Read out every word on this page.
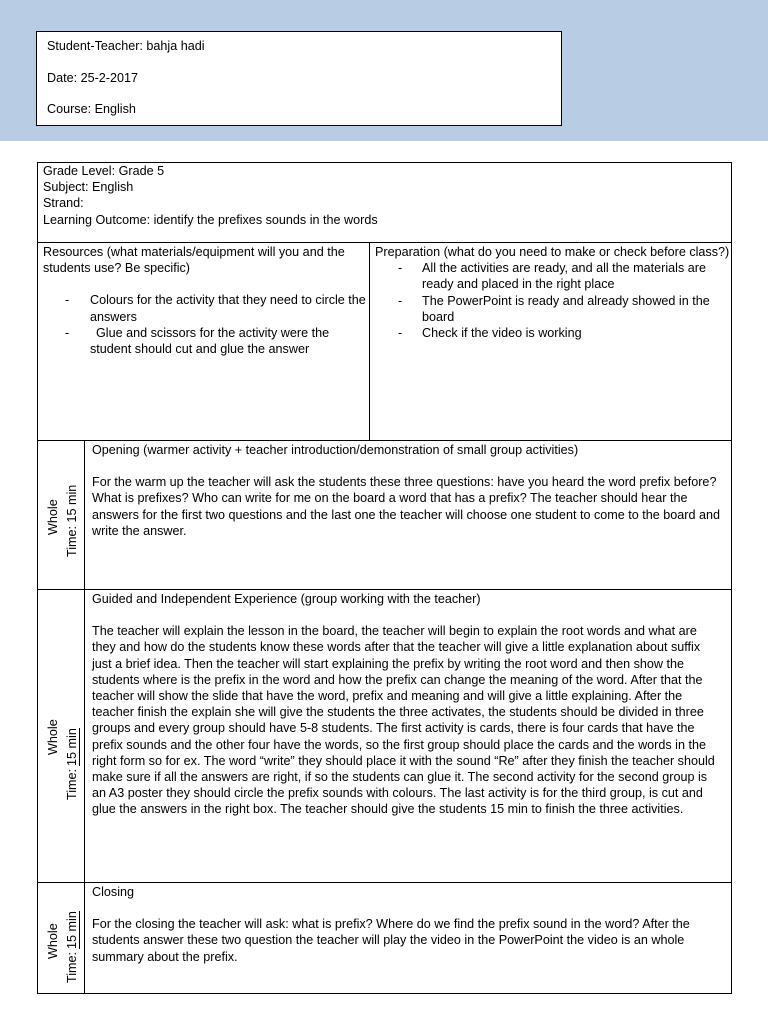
Student-Teacher: bahja hadi

Date: 25-2-2017

Course: English

Grade Level: Grade 5

Subject: English

Strand:

Learning Outcome: identify the prefixes sounds in the words

Resources (what materials/equipment will you and the students use? Be specific)

- Colours for the activity that they need to circle the answers
- Glue and scissors for the activity were the student should cut and glue the answer

Preparation (what do you need to make or check before class?)

- All the activities are ready, and all the materials are ready and placed in the right place
- The PowerPoint is ready and already showed in the board
- Check if the video is working
Whole Time: 15 min

Opening (warmer activity + teacher introduction/demonstration of small group activities)

For the warm up the teacher will ask the students these three questions: have you heard the word prefix before? What is prefixes? Who can write for me on the board a word that has a prefix? The teacher should hear the answers for the first two questions and the last one the teacher will choose one student to come to the board and write the answer.

Whole
Time:15 min

Guided and Independent Experience (group working with the teacher)

The teacher will explain the lesson in the board, the teacher will begin to explain the root words and what are they and how do the students know these words after that the teacher will give a little explanation about suffix just a brief idea. Then the teacher will start explaining the prefix by writing the root word and then show the students where is the prefix in the word and how the prefix can change the meaning of the word. After that the teacher will show the slide that have the word, prefix and meaning and will give a little explaining. After the teacher finish the explain she will give the students the three activates, the students should be divided in three groups and every group should have 5-8 students. The first activity is cards, there is four cards that have the prefix sounds and the other four have the words, so the first group should place the cards and the words in the right form so for ex. The word “write” they should place it with the sound “Re” after they finish the teacher should make sure if all the answers are right, if so the students can glue it. The second activity for the second group is an A3 poster they should circle the prefix sounds with colours. The last activity is for the third group, is cut and glue the answers in the right box. The teacher should give the students 15 min to finish the three activities.

Whole
Time:15 min

Closing

For the closing the teacher will ask: what is prefix? Where do we find the prefix sound in the word? After the students answer these two question the teacher will play the video in the PowerPoint the video is an whole summary about the prefix.
